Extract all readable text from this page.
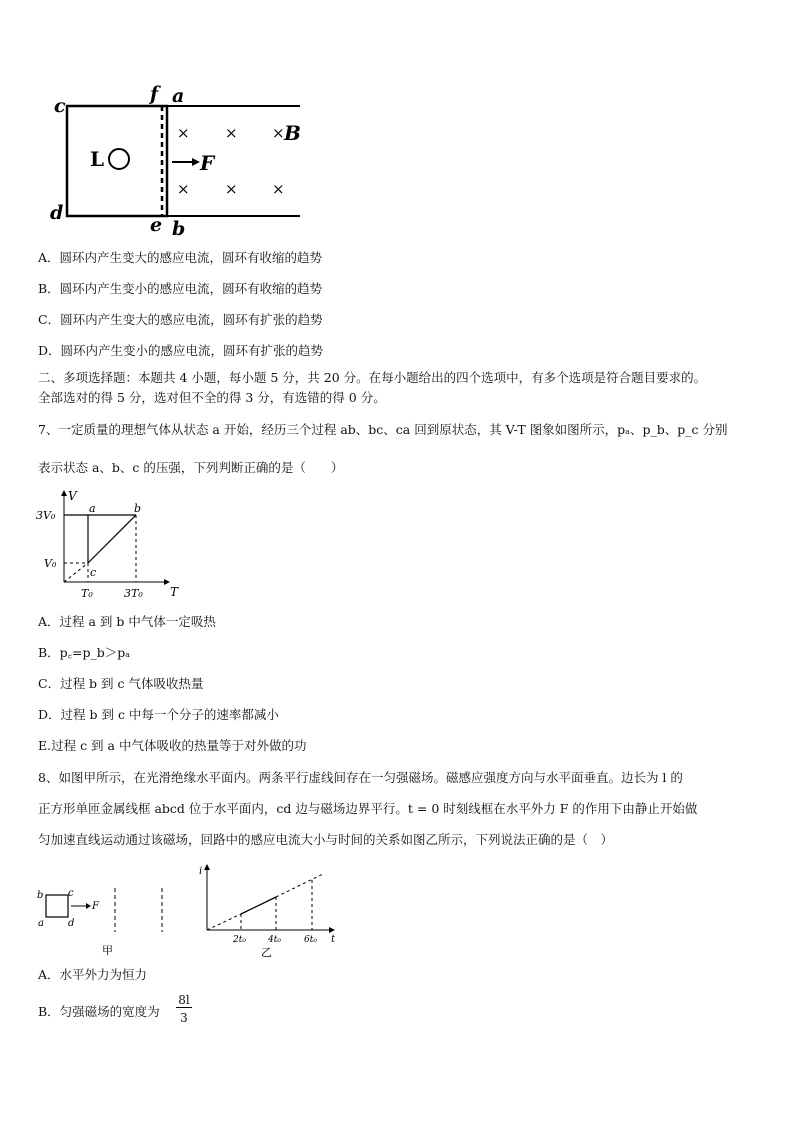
c
f a
d
e b
L	F
B
× × ×
× × ×
A．圆环内产生变大的感应电流，圆环有收缩的趋势
B．圆环内产生变小的感应电流，圆环有收缩的趋势
C．圆环内产生变大的感应电流，圆环有扩张的趋势
D．圆环内产生变小的感应电流，圆环有扩张的趋势
二、多项选择题：本题共 4 小题，每小题 5 分，共 20 分。在每小题给出的四个选项中，有多个选项是符合题目要求的。
全部选对的得 5 分，选对但不全的得 3 分，有选错的得 0 分。
7、一定质量的理想气体从状态 a 开始，经历三个过程 ab、bc、ca 回到原状态，其 V-T 图象如图所示，pₐ、p_b、p_c 分别
表示状态 a、b、c 的压强，下列判断正确的是（　　）
V
T
3V₀
V₀
T₀	3T₀
a	b
c
A．过程 a 到 b 中气体一定吸热
B．p꜀=p_b＞pₐ
C．过程 b 到 c 气体吸收热量
D．过程 b 到 c 中每一个分子的速率都减小
E.过程 c 到 a 中气体吸收的热量等于对外做的功
8、如图甲所示，在光滑绝缘水平面内。两条平行虚线间存在一匀强磁场。磁感应强度方向与水平面垂直。边长为 l 的
正方形单匝金属线框 abcd 位于水平面内，cd 边与磁场边界平行。t = 0 时刻线框在水平外力 F 的作用下由静止开始做
匀加速直线运动通过该磁场，回路中的感应电流大小与时间的关系如图乙所示，下列说法正确的是（　）
b c
a d
F
甲
i
t
2t₀ 4t₀	6t₀
乙
A．水平外力为恒力
B．匀强磁场的宽度为
8l
3
